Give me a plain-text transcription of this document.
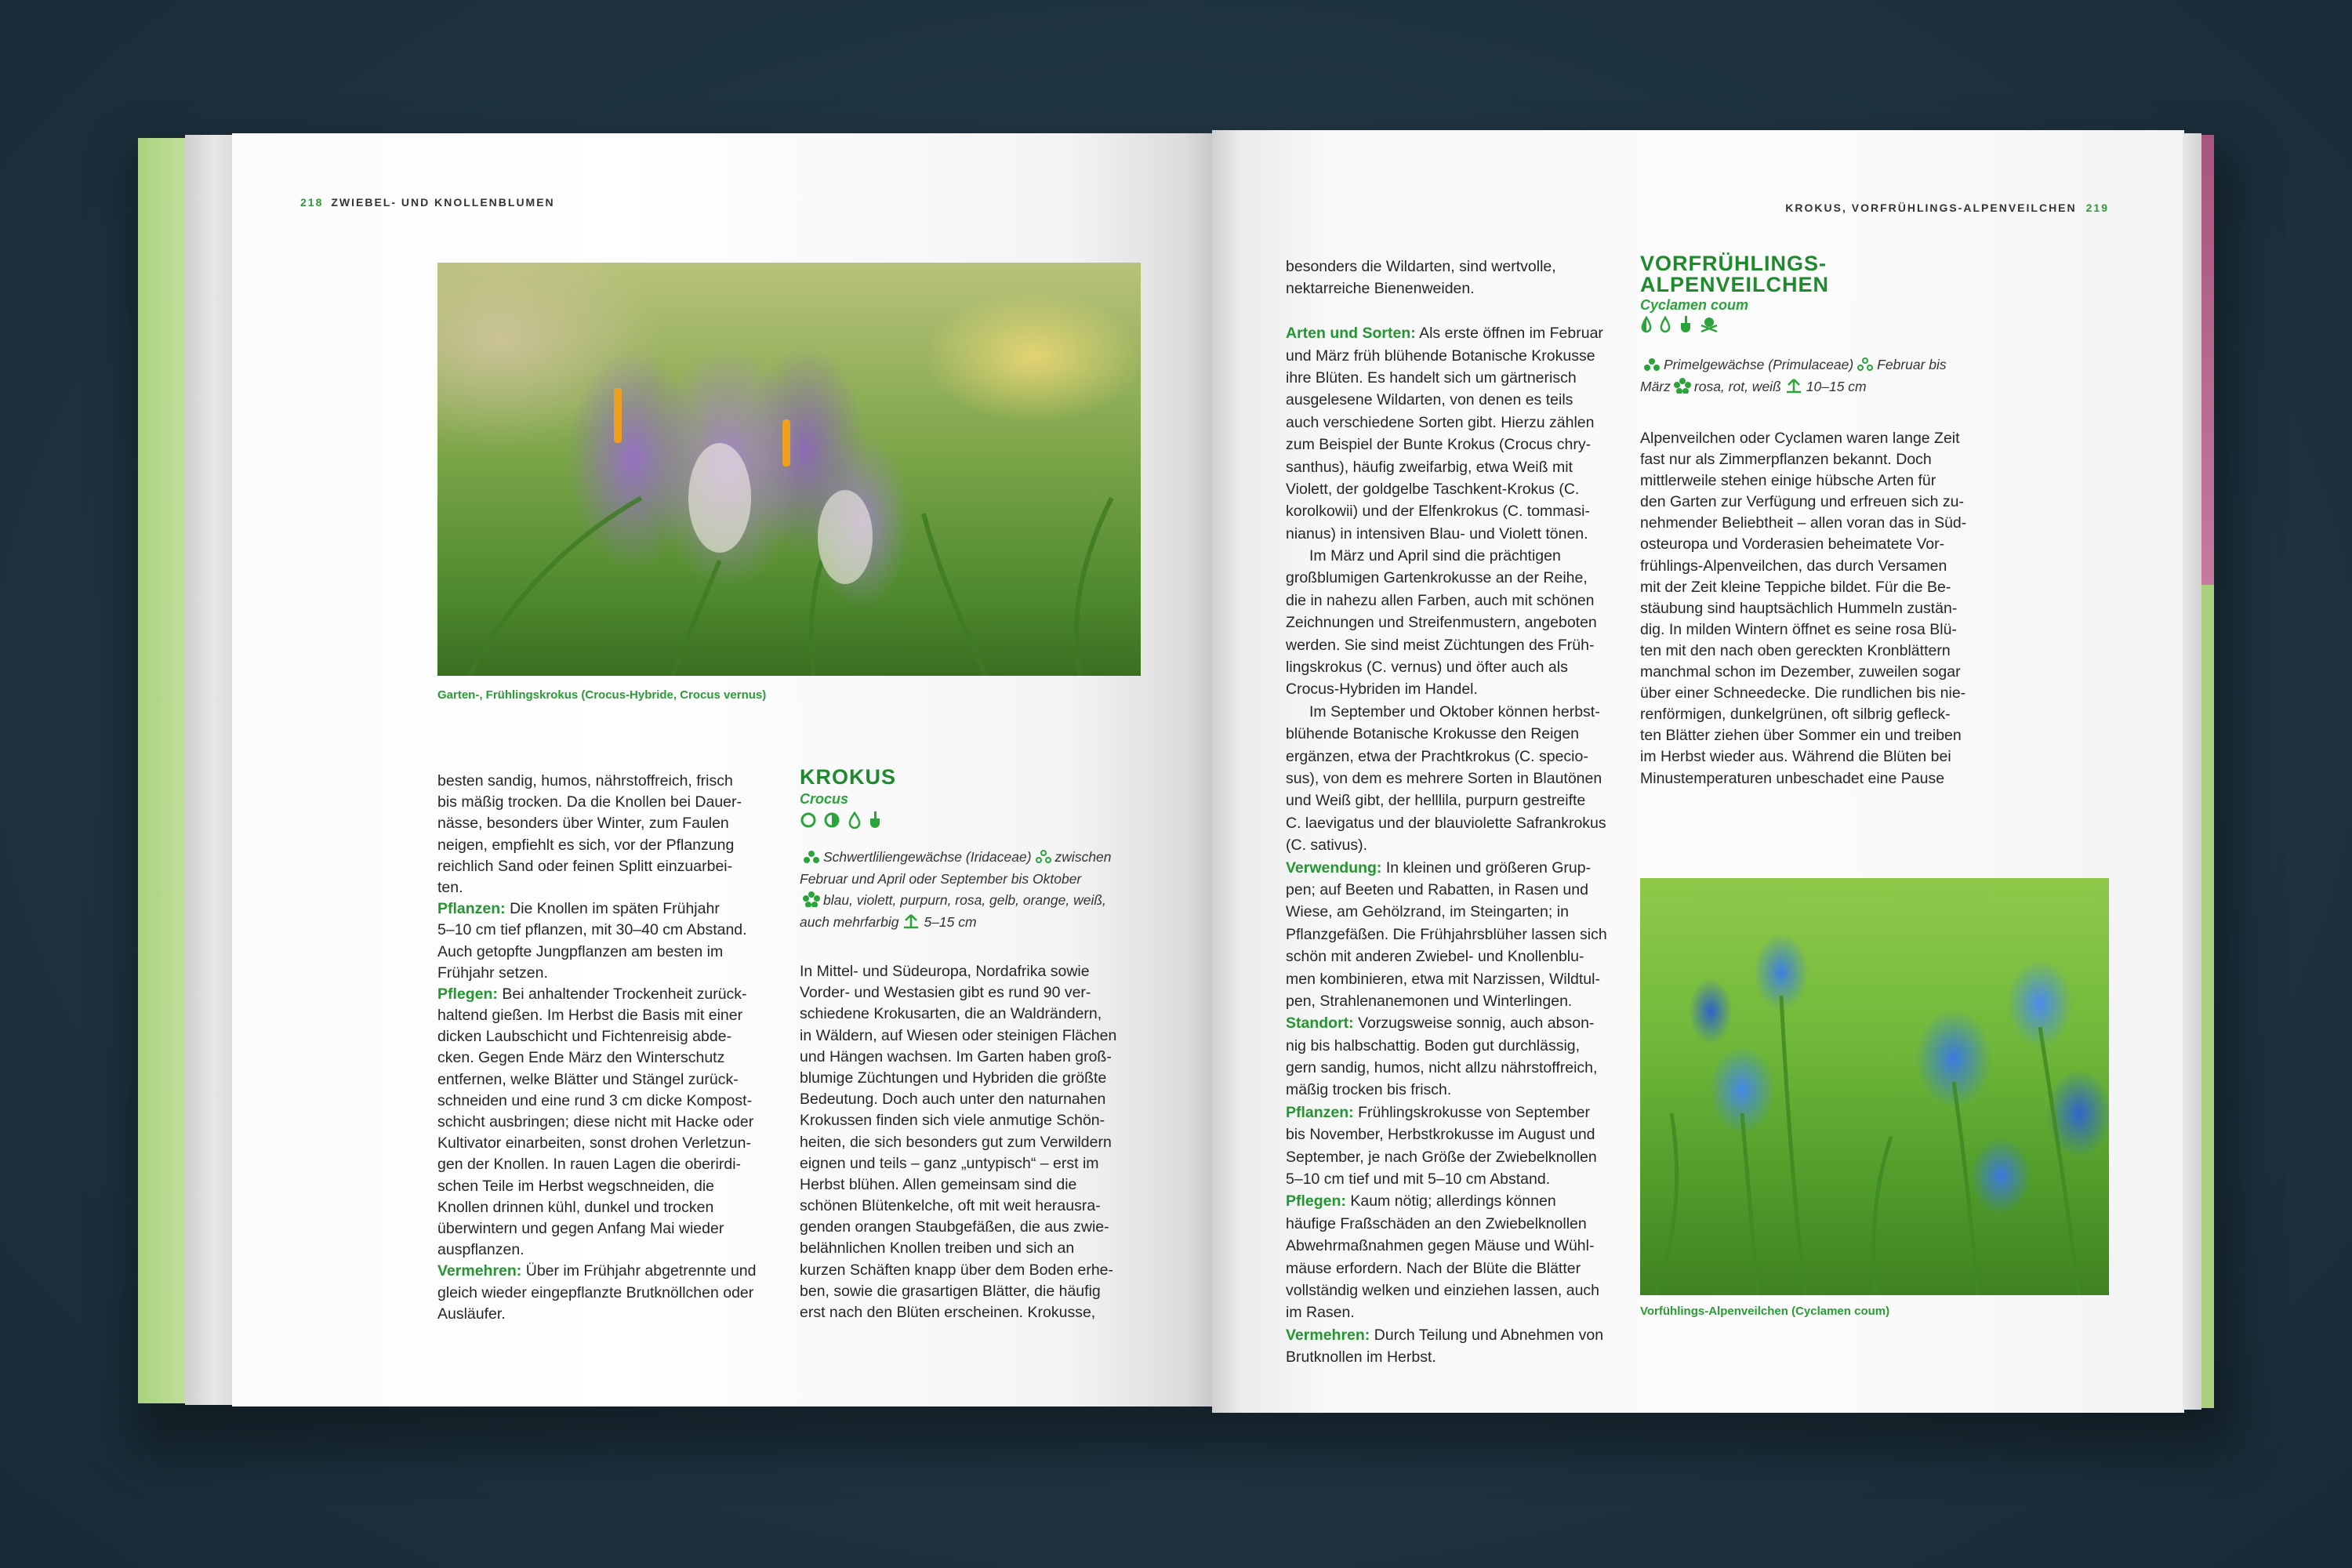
218 ZWIEBEL- UND KNOLLENBLUMEN
Garten-, Frühlingskrokus (Crocus-Hybride, Crocus vernus)
besten sandig, humos, nährstoffreich, frisch
bis mäßig trocken. Da die Knollen bei Dauer-
nässe, besonders über Winter, zum Faulen
neigen, empfiehlt es sich, vor der Pflanzung
reichlich Sand oder feinen Splitt einzuarbei-
ten.
Pflanzen: Die Knollen im späten Frühjahr
5–10 cm tief pflanzen, mit 30–40 cm Abstand.
Auch getopfte Jungpflanzen am besten im
Frühjahr setzen.
Pflegen: Bei anhaltender Trockenheit zurück-
haltend gießen. Im Herbst die Basis mit einer
dicken Laubschicht und Fichtenreisig abde-
cken. Gegen Ende März den Winterschutz
entfernen, welke Blätter und Stängel zurück-
schneiden und eine rund 3 cm dicke Kompost-
schicht ausbringen; diese nicht mit Hacke oder
Kultivator einarbeiten, sonst drohen Verletzun-
gen der Knollen. In rauen Lagen die oberirdi-
schen Teile im Herbst wegschneiden, die
Knollen drinnen kühl, dunkel und trocken
überwintern und gegen Anfang Mai wieder
auspflanzen.
Vermehren: Über im Frühjahr abgetrennte und
gleich wieder eingepflanzte Brutknöllchen oder
Ausläufer.
KROKUS
Crocus

Schwertliliengewächse (Iridaceae) zwischen
Februar und April oder September bis Oktober
blau, violett, purpurn, rosa, gelb, orange, weiß,
auch mehrfarbig 5–15 cm
In Mittel- und Südeuropa, Nordafrika sowie
Vorder- und Westasien gibt es rund 90 ver-
schiedene Krokusarten, die an Waldrändern,
in Wäldern, auf Wiesen oder steinigen Flächen
und Hängen wachsen. Im Garten haben groß-
blumige Züchtungen und Hybriden die größte
Bedeutung. Doch auch unter den naturnahen
Krokussen finden sich viele anmutige Schön-
heiten, die sich besonders gut zum Verwildern
eignen und teils – ganz „untypisch“ – erst im
Herbst blühen. Allen gemeinsam sind die
schönen Blütenkelche, oft mit weit herausra-
genden orangen Staubgefäßen, die aus zwie-
belähnlichen Knollen treiben und sich an
kurzen Schäften knapp über dem Boden erhe-
ben, sowie die grasartigen Blätter, die häufig
erst nach den Blüten erscheinen. Krokusse,
KROKUS, VORFRÜHLINGS-ALPENVEILCHEN 219
besonders die Wildarten, sind wertvolle,
nektarreiche Bienenweiden.
Arten und Sorten: Als erste öffnen im Februar
und März früh blühende Botanische Krokusse
ihre Blüten. Es handelt sich um gärtnerisch
ausgelesene Wildarten, von denen es teils
auch verschiedene Sorten gibt. Hierzu zählen
zum Beispiel der Bunte Krokus (Crocus chry-
santhus), häufig zweifarbig, etwa Weiß mit
Violett, der goldgelbe Taschkent-Krokus (C.
korolkowii) und der Elfenkrokus (C. tommasi-
nianus) in intensiven Blau- und Violett tönen.
Im März und April sind die prächtigen
großblumigen Gartenkrokusse an der Reihe,
die in nahezu allen Farben, auch mit schönen
Zeichnungen und Streifenmustern, angeboten
werden. Sie sind meist Züchtungen des Früh-
lingskrokus (C. vernus) und öfter auch als
Crocus-Hybriden im Handel.
Im September und Oktober können herbst-
blühende Botanische Krokusse den Reigen
ergänzen, etwa der Prachtkrokus (C. specio-
sus), von dem es mehrere Sorten in Blautönen
und Weiß gibt, der helllila, purpurn gestreifte
C. laevigatus und der blauviolette Safrankrokus
(C. sativus).
Verwendung: In kleinen und größeren Grup-
pen; auf Beeten und Rabatten, in Rasen und
Wiese, am Gehölzrand, im Steingarten; in
Pflanzgefäßen. Die Frühjahrsblüher lassen sich
schön mit anderen Zwiebel- und Knollenblu-
men kombinieren, etwa mit Narzissen, Wildtul-
pen, Strahlenanemonen und Winterlingen.
Standort: Vorzugsweise sonnig, auch abson-
nig bis halbschattig. Boden gut durchlässig,
gern sandig, humos, nicht allzu nährstoffreich,
mäßig trocken bis frisch.
Pflanzen: Frühlingskrokusse von September
bis November, Herbstkrokusse im August und
September, je nach Größe der Zwiebelknollen
5–10 cm tief und mit 5–10 cm Abstand.
Pflegen: Kaum nötig; allerdings können
häufige Fraßschäden an den Zwiebelknollen
Abwehrmaßnahmen gegen Mäuse und Wühl-
mäuse erfordern. Nach der Blüte die Blätter
vollständig welken und einziehen lassen, auch
im Rasen.
Vermehren: Durch Teilung und Abnehmen von
Brutknollen im Herbst.
VORFRÜHLINGS-
ALPENVEILCHEN
Cyclamen coum

Primelgewächse (Primulaceae) Februar bis
März rosa, rot, weiß 10–15 cm
Alpenveilchen oder Cyclamen waren lange Zeit
fast nur als Zimmerpflanzen bekannt. Doch
mittlerweile stehen einige hübsche Arten für
den Garten zur Verfügung und erfreuen sich zu-
nehmender Beliebtheit – allen voran das in Süd-
osteuropa und Vorderasien beheimatete Vor-
frühlings-Alpenveilchen, das durch Versamen
mit der Zeit kleine Teppiche bildet. Für die Be-
stäubung sind hauptsächlich Hummeln zustän-
dig. In milden Wintern öffnet es seine rosa Blü-
ten mit den nach oben gereckten Kronblättern
manchmal schon im Dezember, zuweilen sogar
über einer Schneedecke. Die rundlichen bis nie-
renförmigen, dunkelgrünen, oft silbrig gefleck-
ten Blätter ziehen über Sommer ein und treiben
im Herbst wieder aus. Während die Blüten bei
Minustemperaturen unbeschadet eine Pause
Vorfühlings-Alpenveilchen (Cyclamen coum)
